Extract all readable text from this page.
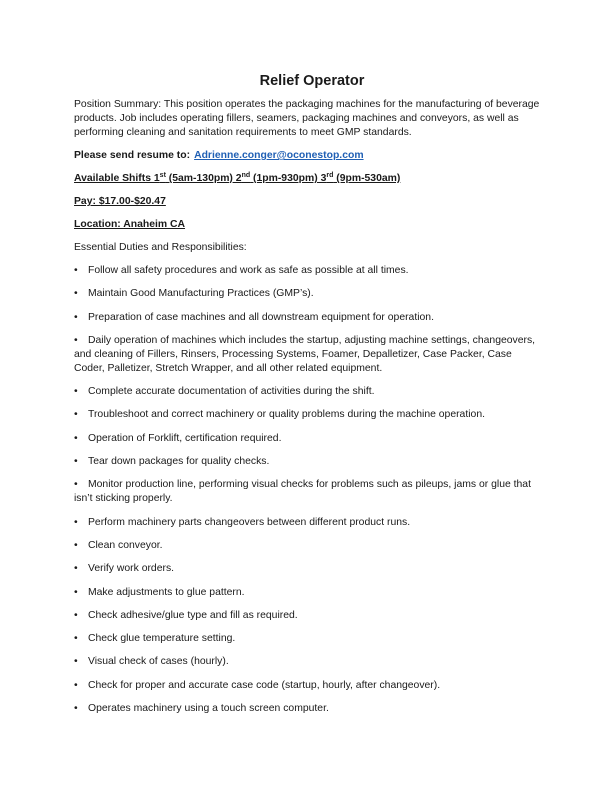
Relief Operator

Position Summary: This position operates the packaging machines for the manufacturing of beverage products. Job includes operating fillers, seamers, packaging machines and conveyors, as well as performing cleaning and sanitation requirements to meet GMP standards.

Please send resume to: Adrienne.conger@oconestop.com

Available Shifts 1st (5am-130pm) 2nd (1pm-930pm) 3rd (9pm-530am)

Pay: $17.00-$20.47

Location: Anaheim CA

Essential Duties and Responsibilities:

• Follow all safety procedures and work as safe as possible at all times.
• Maintain Good Manufacturing Practices (GMP’s).
• Preparation of case machines and all downstream equipment for operation.
• Daily operation of machines which includes the startup, adjusting machine settings, changeovers, and cleaning of Fillers, Rinsers, Processing Systems, Foamer, Depalletizer, Case Packer, Case Coder, Palletizer, Stretch Wrapper, and all other related equipment.
• Complete accurate documentation of activities during the shift.
• Troubleshoot and correct machinery or quality problems during the machine operation.
• Operation of Forklift, certification required.
• Tear down packages for quality checks.
• Monitor production line, performing visual checks for problems such as pileups, jams or glue that isn’t sticking properly.
• Perform machinery parts changeovers between different product runs.
• Clean conveyor.
• Verify work orders.
• Make adjustments to glue pattern.
• Check adhesive/glue type and fill as required.
• Check glue temperature setting.
• Visual check of cases (hourly).
• Check for proper and accurate case code (startup, hourly, after changeover).
• Operates machinery using a touch screen computer.
